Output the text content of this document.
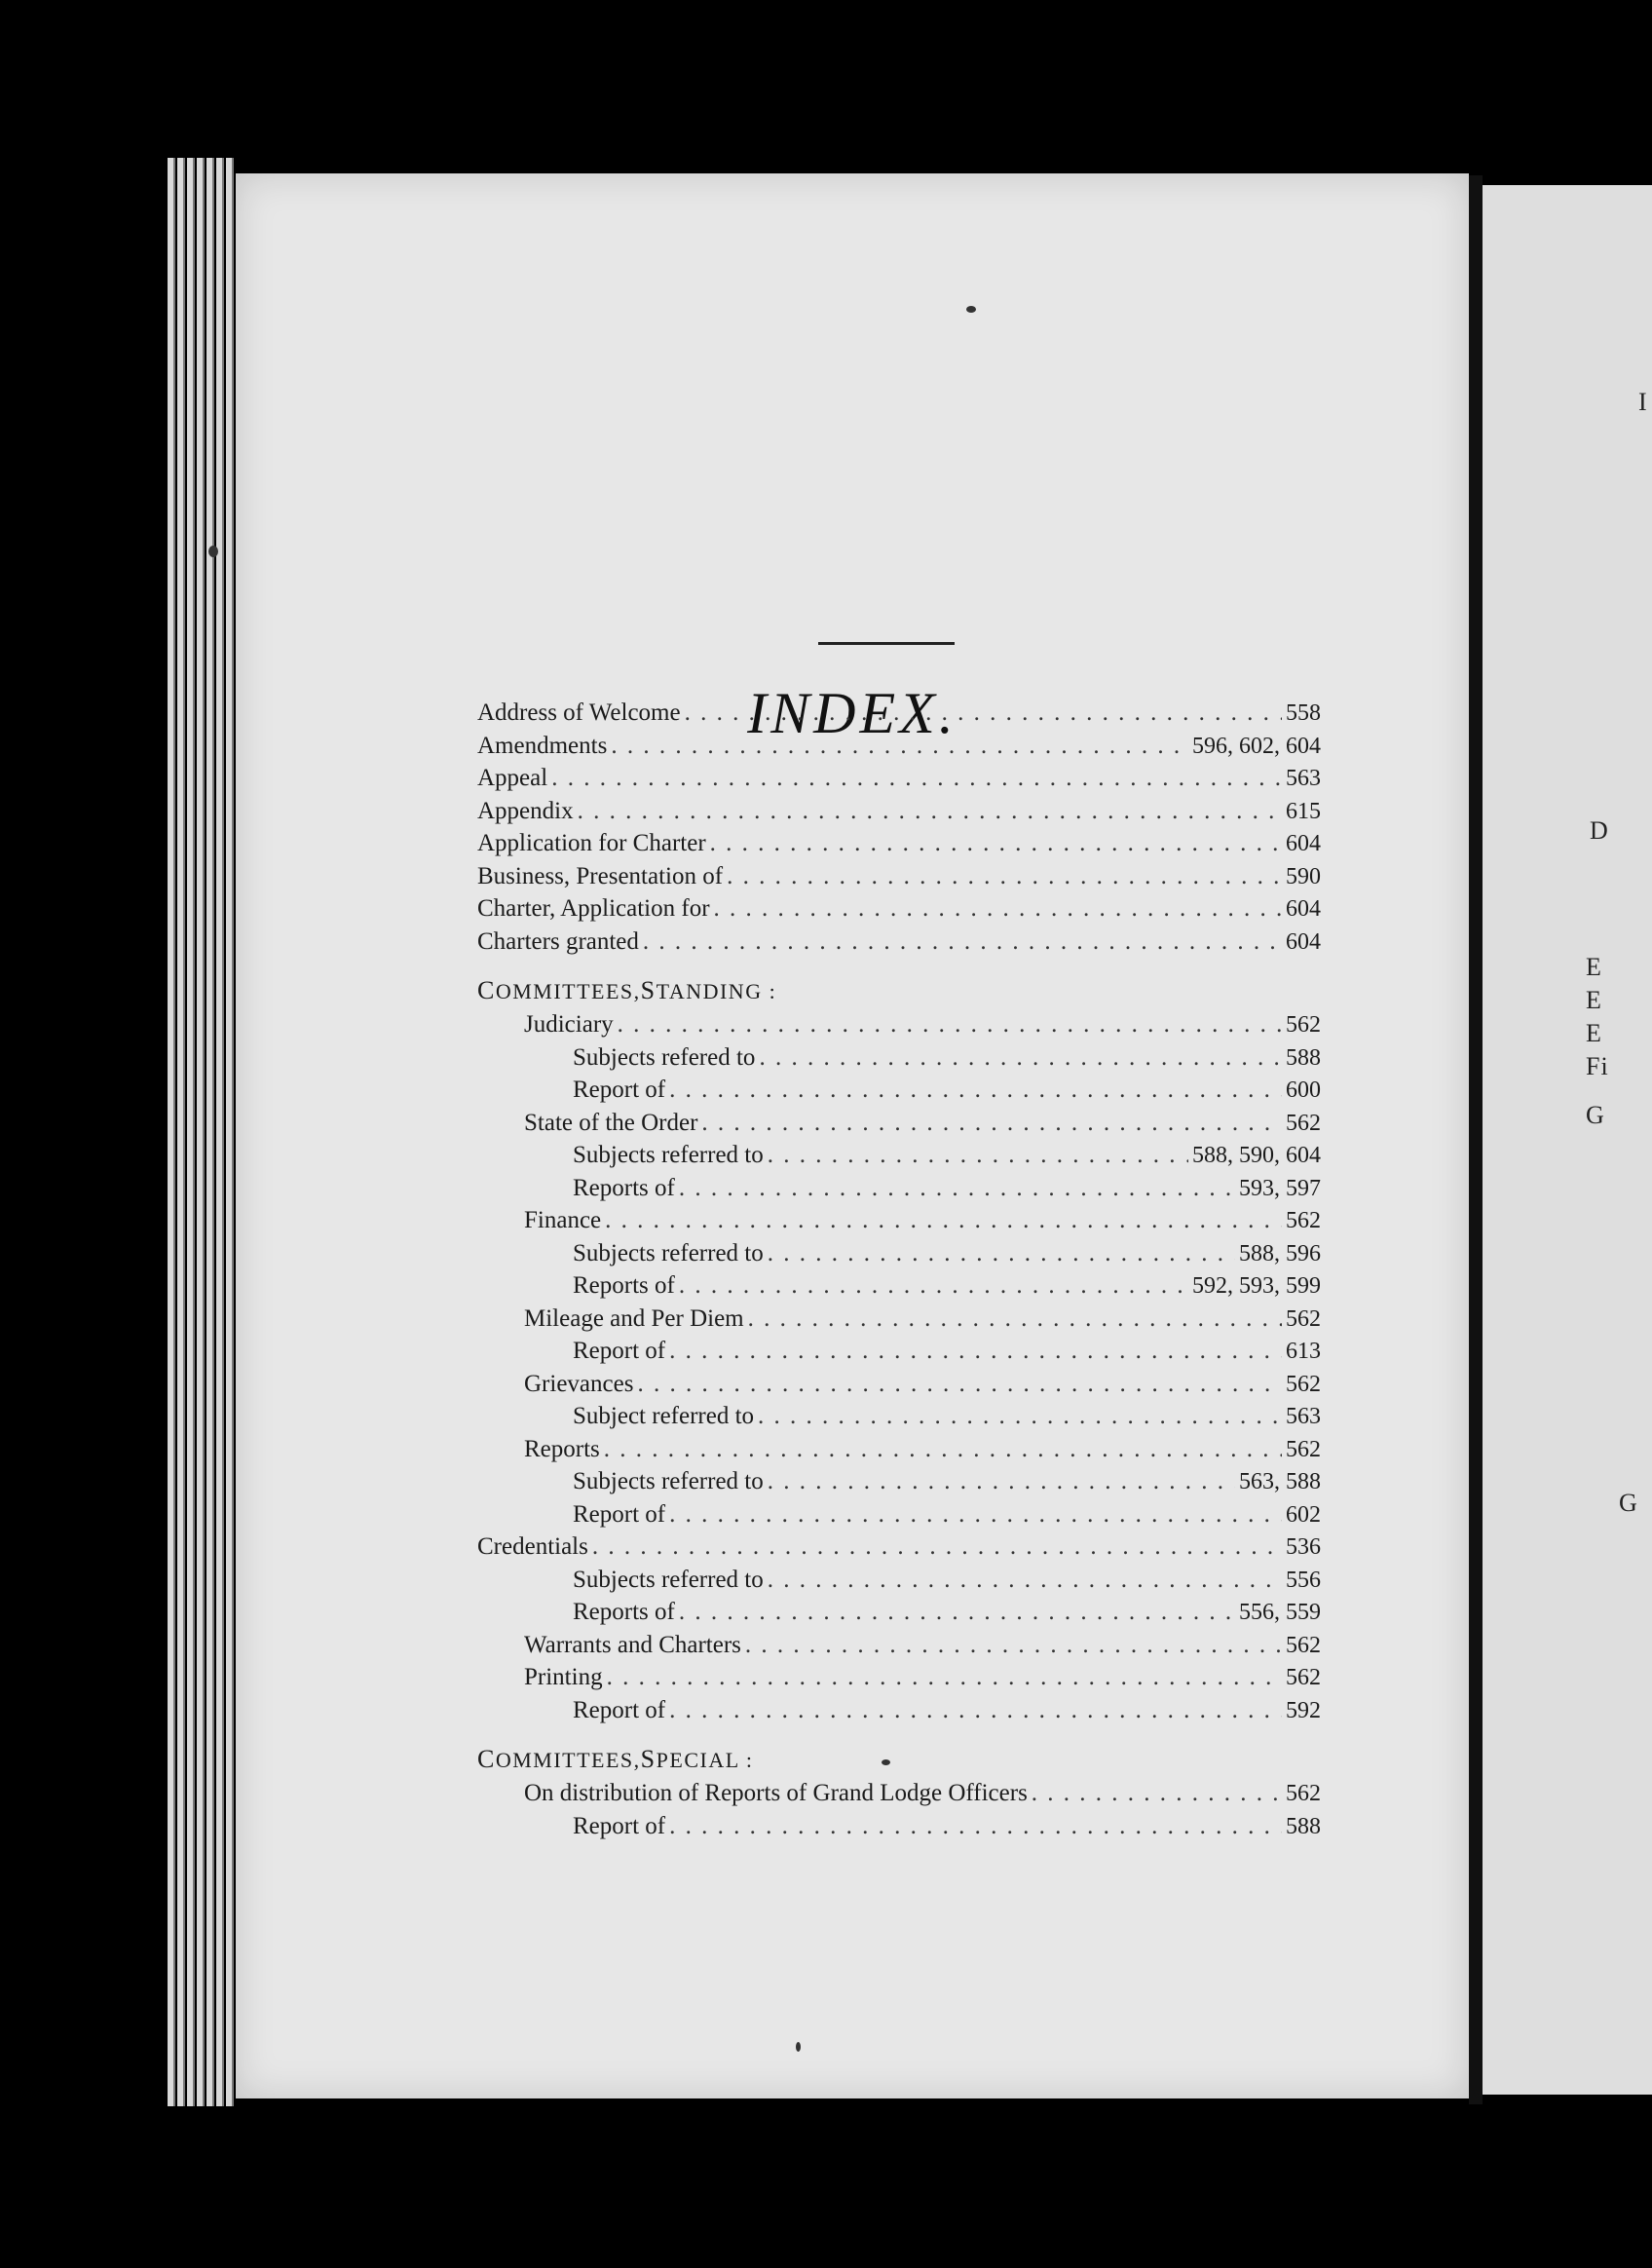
INDEX.
Address of Welcome . . .	558
Amendments . . .	596, 602, 604
Appeal . . .	563
Appendix . . .	615
Application for Charter . . .	604
Business, Presentation of . . .	590
Charter, Application for . . .	604
Charters granted . . .	604
C OMMITTEES, S TANDING :
Judiciary . . .	562
Subjects refered to . . .	588
Report of . . .	600
State of the Order . . .	562
Subjects referred to . . .	588, 590, 604
Reports of . . .	593, 597
Finance . . .	562
Subjects referred to . . .	588, 596
Reports of . . .	592, 593, 599
Mileage and Per Diem . . .	562
Report of . . .	613
Grievances . . .	562
Subject referred to . . .	563
Reports . . .	562
Subjects referred to . . .	563, 588
Report of . . .	602
Credentials . . .	536
Subjects referred to . . .	556
Reports of . . .	556, 559
Warrants and Charters . . .	562
Printing . . .	562
Report of . . .	592
C OMMITTEES, S PECIAL :
On distribution of Reports of Grand Lodge Officers . . .	562
Report of . . .	588
I
D
E
E
E
Fi
G
G
